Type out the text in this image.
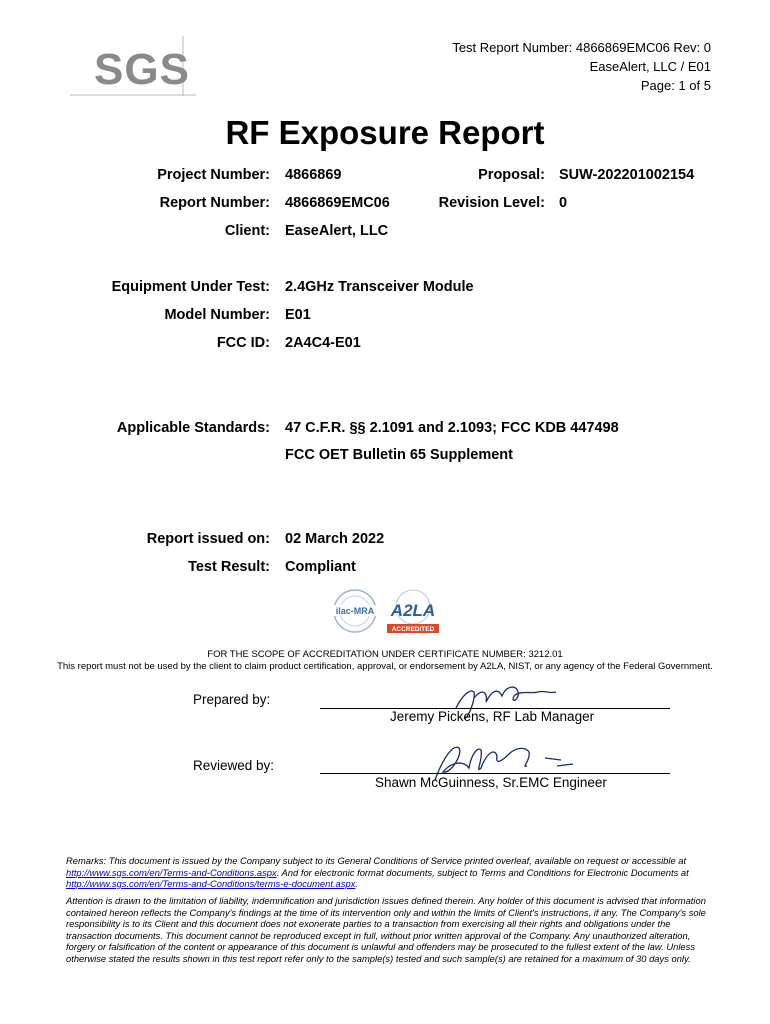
SGS	Test Report Number: 4866869EMC06 Rev: 0
EaseAlert, LLC / E01
Page: 1 of 5
RF Exposure Report
Project Number: 4866869	Proposal: SUW-202201002154
Report Number: 4866869EMC06	Revision Level: 0
Client: EaseAlert, LLC
Equipment Under Test: 2.4GHz Transceiver Module
Model Number: E01
FCC ID: 2A4C4-E01
Applicable Standards: 47 C.F.R. §§ 2.1091 and 2.1093; FCC KDB 447498
FCC OET Bulletin 65 Supplement
Report issued on: 02 March 2022
Test Result: Compliant
ilac-MRA A2LA
ACCREDITED
FOR THE SCOPE OF ACCREDITATION UNDER CERTIFICATE NUMBER: 3212.01
This report must not be used by the client to claim product certification, approval, or endorsement by A2LA, NIST, or any agency of the Federal Government.
Prepared by:
Jeremy Pickens, RF Lab Manager
Reviewed by:
Shawn McGuinness, Sr.EMC Engineer
Remarks: This document is issued by the Company subject to its General Conditions of Service printed overleaf, available on request or accessible at http://www.sgs.com/en/Terms-and-Conditions.aspx. And for electronic format documents, subject to Terms and Conditions for Electronic Documents at http://www.sgs.com/en/Terms-and-Conditions/terms-e-document.aspx.
Attention is drawn to the limitation of liability, indemnification and jurisdiction issues defined therein. Any holder of this document is advised that information contained hereon reflects the Company's findings at the time of its intervention only and within the limits of Client's instructions, if any. The Company's sole responsibility is to its Client and this document does not exonerate parties to a transaction from exercising all their rights and obligations under the transaction documents. This document cannot be reproduced except in full, without prior written approval of the Company. Any unauthorized alteration, forgery or falsification of the content or appearance of this document is unlawful and offenders may be prosecuted to the fullest extent of the law. Unless otherwise stated the results shown in this test report refer only to the sample(s) tested and such sample(s) are retained for a maximum of 30 days only.
